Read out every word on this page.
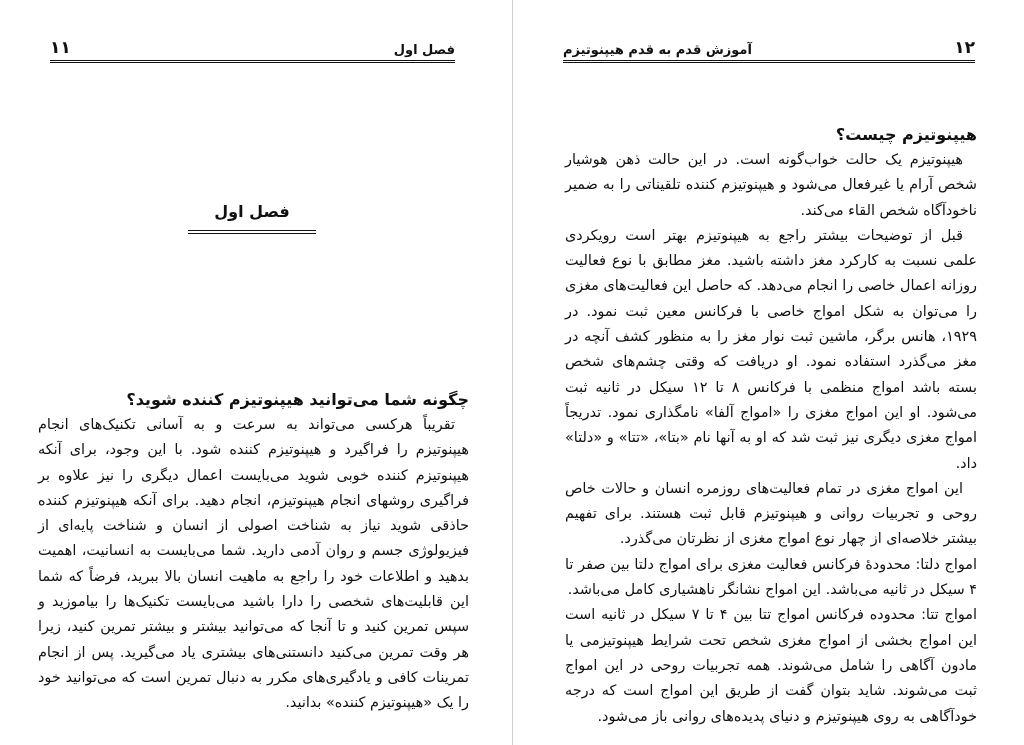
فصل اول
۱۱
فصل اول
چگونه شما می‌توانید هیپنوتیزم کننده شوید؟

تقریباً هرکسی می‌تواند به سرعت و به آسانی تکنیک‌های انجام هیپنوتیزم را فراگیرد و هیپنوتیزم کننده شود. با این وجود، برای آنکه هیپنوتیزم کننده خوبی شوید می‌بایست اعمال دیگری را نیز علاوه بر فراگیری روشهای انجام هیپنوتیزم، انجام دهید. برای آنکه هیپنوتیزم کننده حاذقی شوید نیاز به شناخت اصولی از انسان و شناخت پایه‌ای از فیزیولوژی جسم و روان آدمی دارید. شما می‌بایست به انسانیت، اهمیت بدهید و اطلاعات خود را راجع به ماهیت انسان بالا ببرید، فرضاً که شما این قابلیت‌های شخصی را دارا باشید می‌بایست تکنیک‌ها را بیاموزید و سپس تمرین کنید و تا آنجا که می‌توانید بیشتر و بیشتر تمرین کنید، زیرا هر وقت تمرین می‌کنید دانستنی‌های بیشتری یاد می‌گیرید. پس از انجام تمرینات کافی و یادگیری‌های مکرر به دنبال تمرین است که می‌توانید خود را یک «هیپنوتیزم کننده» بدانید.

۱۲
آموزش قدم به قدم هیپنوتیزم
هیپنوتیزم چیست؟

هیپنوتیزم یک حالت خواب‌گونه است. در این حالت ذهن هوشیار شخص آرام یا غیرفعال می‌شود و هیپنوتیزم کننده تلقیناتی را به ضمیر ناخودآگاه شخص القاء می‌کند.

قبل از توضیحات بیشتر راجع به هیپنوتیزم بهتر است رویکردی علمی نسبت به کارکرد مغز داشته باشید. مغز مطابق با نوع فعالیت روزانه اعمال خاصی را انجام می‌دهد. که حاصل این فعالیت‌های مغزی را می‌توان به شکل امواج خاصی با فرکانس معین ثبت نمود. در ۱۹۲۹، هانس برگر، ماشین ثبت نوار مغز را به منظور کشف آنچه در مغز می‌گذرد استفاده نمود. او دریافت که وقتی چشم‌های شخص بسته باشد امواج منظمی با فرکانس ۸ تا ۱۲ سیکل در ثانیه ثبت می‌شود. او این امواج مغزی را «امواج آلفا» نامگذاری نمود. تدریجاً امواج مغزی دیگری نیز ثبت شد که او به آنها نام «بتا»، «تتا» و «دلتا» داد.

این امواج مغزی در تمام فعالیت‌های روزمره انسان و حالات خاص روحی و تجربیات روانی و هیپنوتیزم قابل ثبت هستند. برای تفهیم بیشتر خلاصه‌ای از چهار نوع امواج مغزی از نظرتان می‌گذرد.

امواج دلتا: محدودهٔ فرکانس فعالیت مغزی برای امواج دلتا بین صفر تا ۴ سیکل در ثانیه می‌باشد. این امواج نشانگر ناهشیاری کامل می‌باشد.

امواج تتا: محدوده فرکانس امواج تتا بین ۴ تا ۷ سیکل در ثانیه است این امواج بخشی از امواج مغزی شخص تحت شرایط هیپنوتیزمی یا مادون آگاهی را شامل می‌شوند. همه تجربیات روحی در این امواج ثبت می‌شوند. شاید بتوان گفت از طریق این امواج است که درجه خودآگاهی به روی هیپنوتیزم و دنیای پدیده‌های روانی باز می‌شود.
